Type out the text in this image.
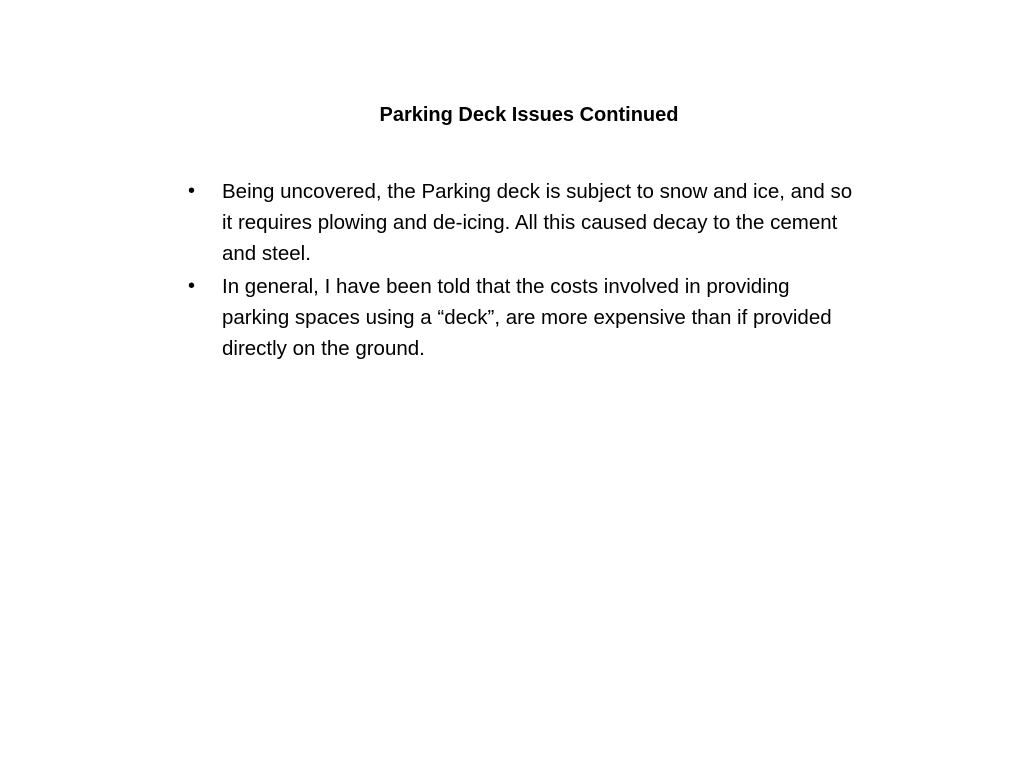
Parking Deck Issues Continued
• Being uncovered, the Parking deck is subject to snow and ice, and so it requires plowing and de-icing. All this caused decay to the cement and steel.
• In general, I have been told that the costs involved in providing parking spaces using a “deck”, are more expensive than if provided directly on the ground.
